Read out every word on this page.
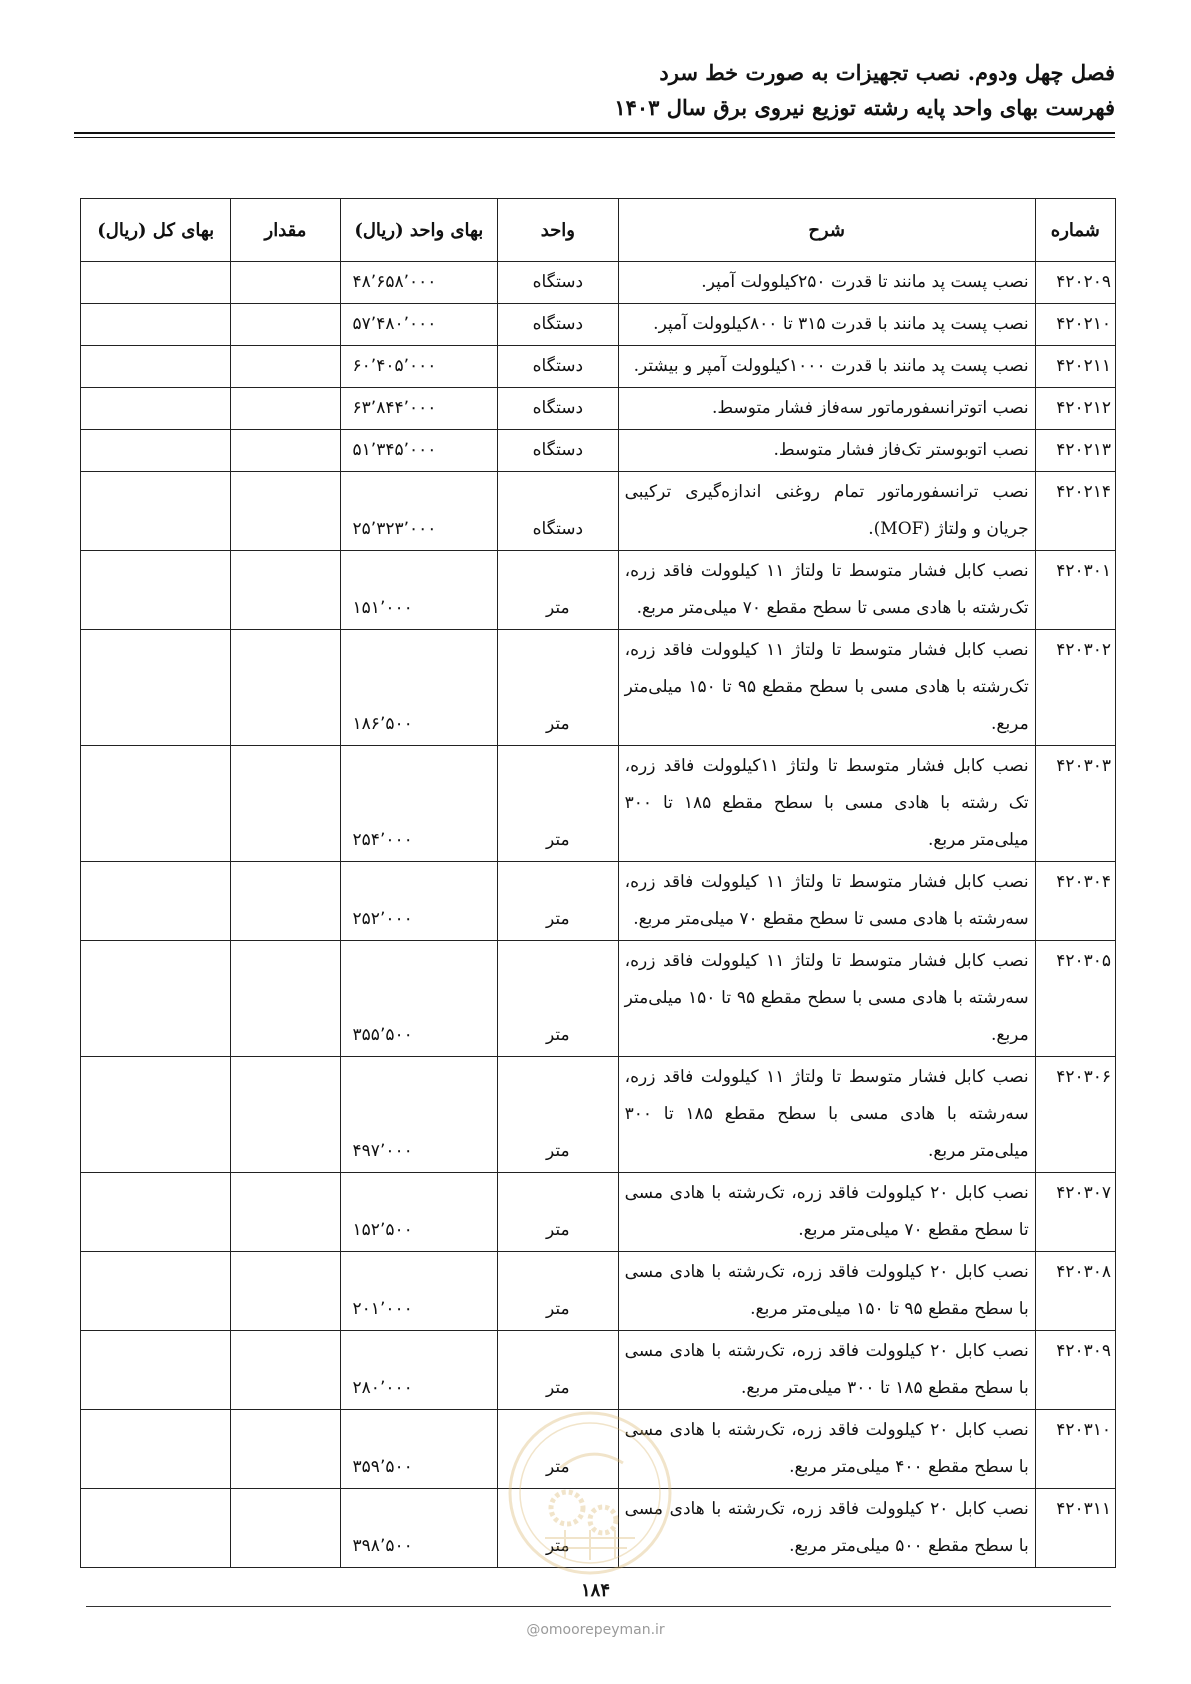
فصل چهل ودوم. نصب تجهیزات به صورت خط سرد
فهرست بهای واحد پایه رشته توزیع نیروی برق سال ۱۴۰۳
شماره	شرح	واحد	بهای واحد (ریال)	مقدار	بهای کل (ریال)
۴۲۰۲۰۹	نصب پست پد مانند تا قدرت ۲۵۰کیلوولت آمپر.	دستگاه	۴۸٬۶۵۸٬۰۰۰		
۴۲۰۲۱۰	نصب پست پد مانند با قدرت ۳۱۵ تا ۸۰۰کیلوولت آمپر.	دستگاه	۵۷٬۴۸۰٬۰۰۰		
۴۲۰۲۱۱	نصب پست پد مانند با قدرت ۱۰۰۰کیلوولت آمپر و بیشتر.	دستگاه	۶۰٬۴۰۵٬۰۰۰		
۴۲۰۲۱۲	نصب اتوترانسفورماتور سه‌فاز فشار متوسط.	دستگاه	۶۳٬۸۴۴٬۰۰۰		
۴۲۰۲۱۳	نصب اتوبوستر تک‌فاز فشار متوسط.	دستگاه	۵۱٬۳۴۵٬۰۰۰		
۴۲۰۲۱۴	نصب ترانسفورماتور تمام روغنی اندازه‌گیری ترکیبی جریان و ولتاژ (MOF).	دستگاه	۲۵٬۳۲۳٬۰۰۰		
۴۲۰۳۰۱	نصب کابل فشار متوسط تا ولتاژ ۱۱ کیلوولت فاقد زره، تک‌رشته با هادی مسی تا سطح مقطع ۷۰ میلی‌متر مربع.	متر	۱۵۱٬۰۰۰		
۴۲۰۳۰۲	نصب کابل فشار متوسط تا ولتاژ ۱۱ کیلوولت فاقد زره، تک‌رشته با هادی مسی با سطح مقطع ۹۵ تا ۱۵۰ میلی‌متر مربع.	متر	۱۸۶٬۵۰۰		
۴۲۰۳۰۳	نصب کابل فشار متوسط تا ولتاژ ۱۱کیلوولت فاقد زره، تک رشته با هادی مسی با سطح مقطع ۱۸۵ تا ۳۰۰ میلی‌متر مربع.	متر	۲۵۴٬۰۰۰		
۴۲۰۳۰۴	نصب کابل فشار متوسط تا ولتاژ ۱۱ کیلوولت فاقد زره، سه‌رشته با هادی مسی تا سطح مقطع ۷۰ میلی‌متر مربع.	متر	۲۵۲٬۰۰۰		
۴۲۰۳۰۵	نصب کابل فشار متوسط تا ولتاژ ۱۱ کیلوولت فاقد زره، سه‌رشته با هادی مسی با سطح مقطع ۹۵ تا ۱۵۰ میلی‌متر مربع.	متر	۳۵۵٬۵۰۰		
۴۲۰۳۰۶	نصب کابل فشار متوسط تا ولتاژ ۱۱ کیلوولت فاقد زره، سه‌رشته با هادی مسی با سطح مقطع ۱۸۵ تا ۳۰۰ میلی‌متر مربع.	متر	۴۹۷٬۰۰۰		
۴۲۰۳۰۷	نصب کابل ۲۰ کیلوولت فاقد زره، تک‌رشته با هادی مسی تا سطح مقطع ۷۰ میلی‌متر مربع.	متر	۱۵۲٬۵۰۰		
۴۲۰۳۰۸	نصب کابل ۲۰ کیلوولت فاقد زره، تک‌رشته با هادی مسی با سطح مقطع ۹۵ تا ۱۵۰ میلی‌متر مربع.	متر	۲۰۱٬۰۰۰		
۴۲۰۳۰۹	نصب کابل ۲۰ کیلوولت فاقد زره، تک‌رشته با هادی مسی با سطح مقطع ۱۸۵ تا ۳۰۰ میلی‌متر مربع.	متر	۲۸۰٬۰۰۰		
۴۲۰۳۱۰	نصب کابل ۲۰ کیلوولت فاقد زره، تک‌رشته با هادی مسی با سطح مقطع ۴۰۰ میلی‌متر مربع.	متر	۳۵۹٬۵۰۰		
۴۲۰۳۱۱	نصب کابل ۲۰ کیلوولت فاقد زره، تک‌رشته با هادی مسی با سطح مقطع ۵۰۰ میلی‌متر مربع.	متر	۳۹۸٬۵۰۰		
۱۸۴
@omoorepeyman.ir
